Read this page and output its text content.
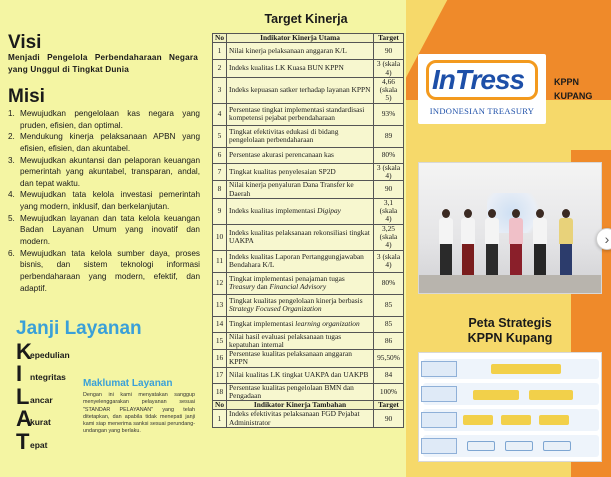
Visi
Menjadi Pengelola Perbendaharaan Negara yang Unggul di Tingkat Dunia
Misi
1. Mewujudkan pengelolaan kas negara yang pruden, efisien, dan optimal.
2. Mendukung kinerja pelaksanaan APBN yang efisien, efisien, dan akuntabel.
3. Mewujudkan akuntansi dan pelaporan keuangan pemerintah yang akuntabel, transparan, andal, dan tepat waktu.
4. Mewujudkan tata kelola investasi pemerintah yang modern, inklusif, dan berkelanjutan.
5. Mewujudkan layanan dan tata kelola keuangan Badan Layanan Umum yang inovatif dan modern.
6. Mewujudkan tata kelola sumber daya, proses bisnis, dan sistem teknologi informasi perbendaharaan yang modern, efektif, dan adaptif.
Janji Layanan
K
epedulian
I ntegritas
L ancar
A
kurat
T epat
Maklumat Layanan
Dengan ini kami menyatakan sanggup menyelenggarakan pelayanan sesuai "STANDAR PELAYANAN" yang telah ditetapkan, dan apabila tidak menepati janji kami siap menerima sanksi sesuai perundang-undangan yang berlaku.
Target Kinerja
No	Indikator Kinerja Utama	Target
1	Nilai kinerja pelaksanaan anggaran K/L	90
2	Indeks kualitas LK Kuasa BUN KPPN	3 (skala 4)
3	Indeks kepuasan satker terhadap layanan KPPN	4,66 (skala 5)
4	Persentase tingkat implementasi standardisasi kompetensi pejabat perbendaharaan	93%
5	Tingkat efektivitas edukasi di bidang pengelolaan perbendaharaan	89
6	Persentase akurasi perencanaan kas	80%
7	Tingkat kualitas penyelesaian SP2D	3 (skala 4)
8	Nilai kinerja penyaluran Dana Transfer ke Daerah	90
9	Indeks kualitas implementasi Digipay	3,1 (skala 4)
10	Indeks kualitas pelaksanaan rekonsiliasi tingkat UAKPA	3,25 (skala 4)
11	Indeks kualitas Laporan Pertanggungjawaban Bendahara K/L	3 (skala 4)
12	Tingkat implementasi penajaman tugas Treasury dan Financial Advisory	80%
13	Tingkat kualitas pengelolaan kinerja berbasis Strategy Focused Organization	85
14	Tingkat implementasi learning organization	85
15	Nilai hasil evaluasi pelaksanaan tugas kepatuhan internal	86
16	Persentase kualitas pelaksanaan anggaran KPPN	95,50%
17	Nilai kualitas LK tingkat UAKPA dan UAKPB	84
18	Persentase kualitas pengelolaan BMN dan Pengadaan	100%
No	Indikator Kinerja Tambahan	Target
1	Indeks efektivitas pelaksanaan FGD Pejabat Administrator	90
InTress
INDONESIAN TREASURY
KPPN
KUPANG
›
Peta Strategis
KPPN Kupang
